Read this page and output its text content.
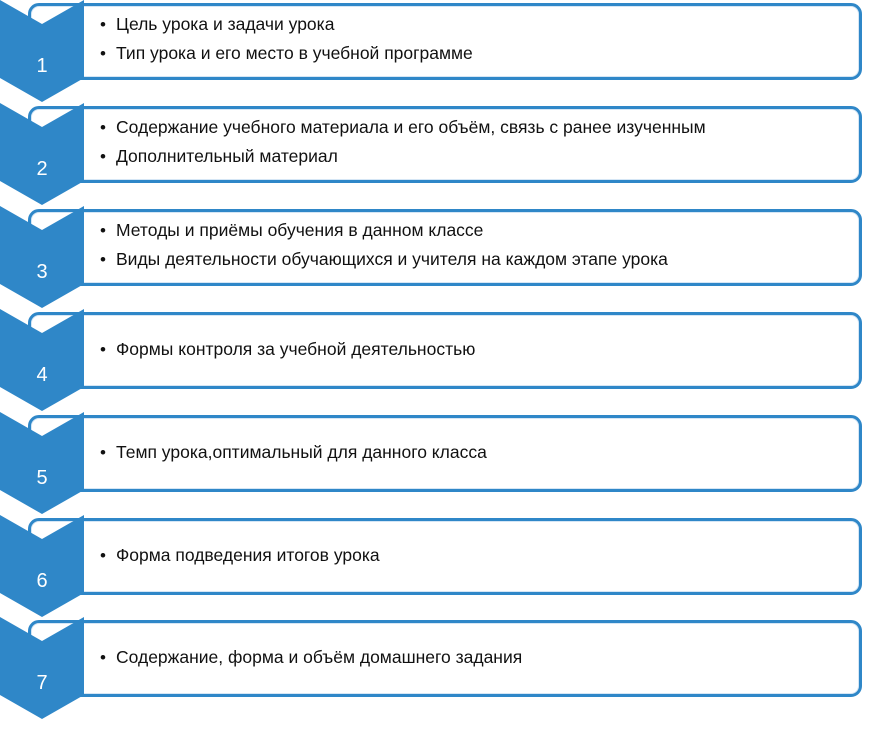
1
• Цель урока и задачи урока
• Тип урока и его место в учебной программе
2
• Содержание учебного материала и его объём, связь с ранее изученным
• Дополнительный материал
3
• Методы и приёмы обучения в данном классе
• Виды деятельности обучающихся и учителя на каждом этапе урока
4
• Формы контроля за учебной деятельностью
5
• Темп урока,оптимальный для данного класса
6
• Форма подведения итогов урока
7
• Содержание, форма и объём домашнего задания
